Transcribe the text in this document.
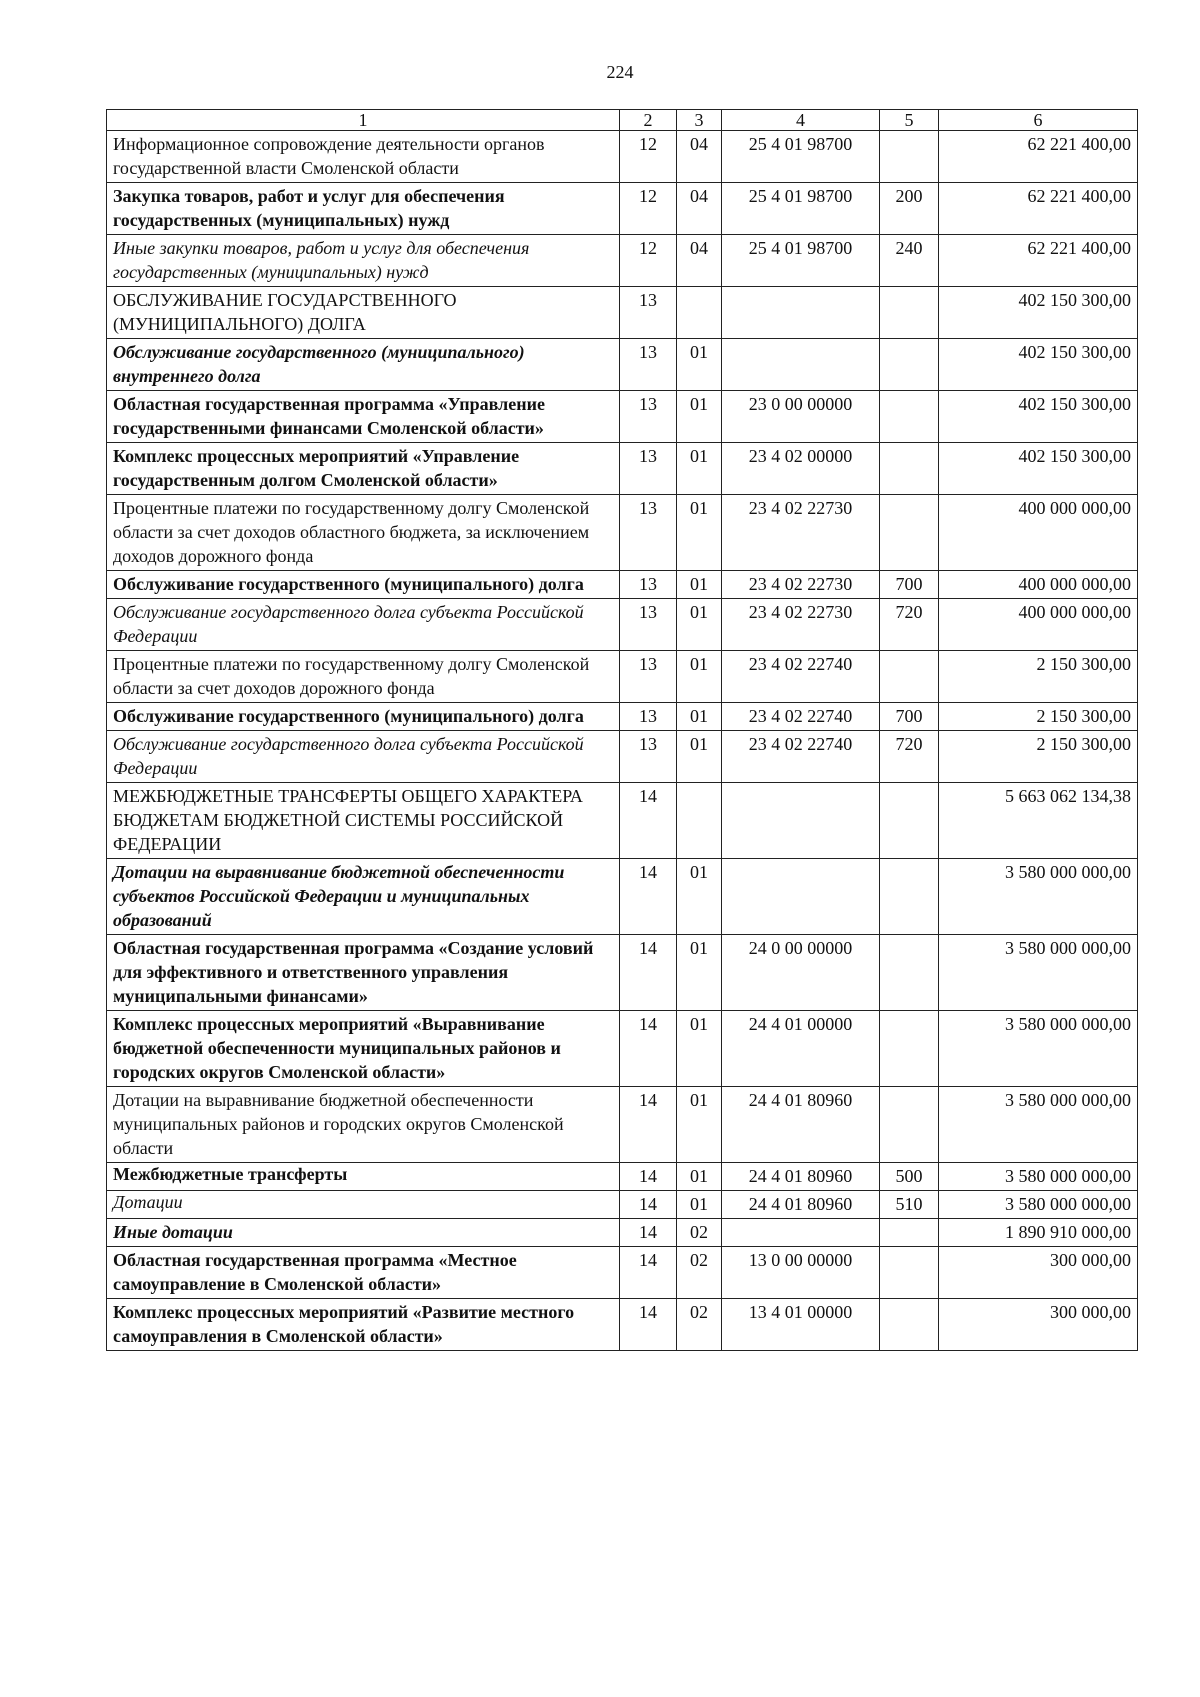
224
1	2	3	4	5	6
Информационное сопровождение деятельности органов государственной власти Смоленской области	12	04	25 4 01 98700		62 221 400,00
Закупка товаров, работ и услуг для обеспечения государственных (муниципальных) нужд	12	04	25 4 01 98700	200	62 221 400,00
Иные закупки товаров, работ и услуг для обеспечения государственных (муниципальных) нужд	12	04	25 4 01 98700	240	62 221 400,00
ОБСЛУЖИВАНИЕ ГОСУДАРСТВЕННОГО (МУНИЦИПАЛЬНОГО) ДОЛГА	13				402 150 300,00
Обслуживание государственного (муниципального) внутреннего долга	13	01			402 150 300,00
Областная государственная программа «Управление государственными финансами Смоленской области»	13	01	23 0 00 00000		402 150 300,00
Комплекс процессных мероприятий «Управление государственным долгом Смоленской области»	13	01	23 4 02 00000		402 150 300,00
Процентные платежи по государственному долгу Смоленской области за счет доходов областного бюджета, за исключением доходов дорожного фонда	13	01	23 4 02 22730		400 000 000,00
Обслуживание государственного (муниципального) долга	13	01	23 4 02 22730	700	400 000 000,00
Обслуживание государственного долга субъекта Российской Федерации	13	01	23 4 02 22730	720	400 000 000,00
Процентные платежи по государственному долгу Смоленской области за счет доходов дорожного фонда	13	01	23 4 02 22740		2 150 300,00
Обслуживание государственного (муниципального) долга	13	01	23 4 02 22740	700	2 150 300,00
Обслуживание государственного долга субъекта Российской Федерации	13	01	23 4 02 22740	720	2 150 300,00
МЕЖБЮДЖЕТНЫЕ ТРАНСФЕРТЫ ОБЩЕГО ХАРАКТЕРА БЮДЖЕТАМ БЮДЖЕТНОЙ СИСТЕМЫ РОССИЙСКОЙ ФЕДЕРАЦИИ	14				5 663 062 134,38
Дотации на выравнивание бюджетной обеспеченности субъектов Российской Федерации и муниципальных образований	14	01			3 580 000 000,00
Областная государственная программа «Создание условий для эффективного и ответственного управления муниципальными финансами»	14	01	24 0 00 00000		3 580 000 000,00
Комплекс процессных мероприятий «Выравнивание бюджетной обеспеченности муниципальных районов и городских округов Смоленской области»	14	01	24 4 01 00000		3 580 000 000,00
Дотации на выравнивание бюджетной обеспеченности муниципальных районов и городских округов Смоленской области	14	01	24 4 01 80960		3 580 000 000,00
Межбюджетные трансферты	14	01	24 4 01 80960	500	3 580 000 000,00
Дотации	14	01	24 4 01 80960	510	3 580 000 000,00
Иные дотации	14	02			1 890 910 000,00
Областная государственная программа «Местное самоуправление в Смоленской области»	14	02	13 0 00 00000		300 000,00
Комплекс процессных мероприятий «Развитие местного самоуправления в Смоленской области»	14	02	13 4 01 00000		300 000,00
